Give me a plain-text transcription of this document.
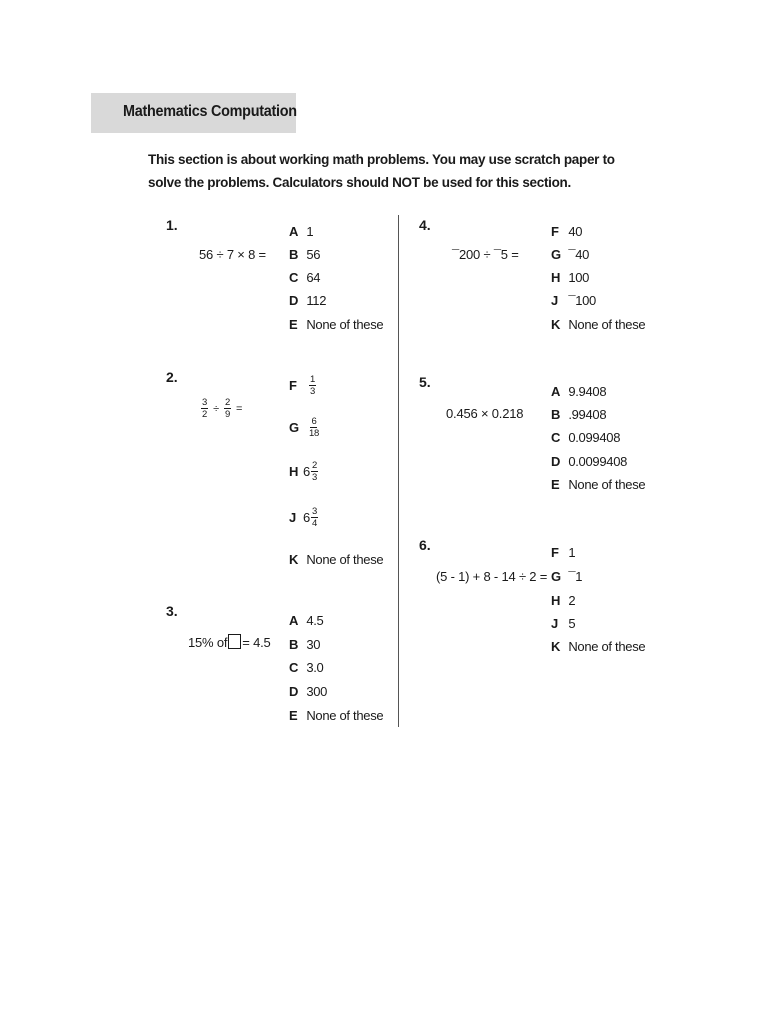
Mathematics Computation
This section is about working math problems. You may use scratch paper to solve the problems. Calculators should NOT be used for this section.
1.
56 ÷ 7 × 8 =
A 1
B 56
C 64
D 112
E None of these
2.
$\frac{3}{2} \div \frac{2}{9}$ =
F $\frac{1}{3}$
G $\frac{6}{18}$
H $6 \frac{2}{3}$
J $6 \frac{3}{4}$
K None of these
3.
15% of = 4.5
A 4.5
B 30
C 3.0
D 300
E None of these
4.
¯200 ÷ ¯5 =
F 40
G ¯40
H 100
J ¯100
K None of these
5.
0.456 × 0.218
A 9.9408
B .99408
C 0.099408
D 0.0099408
E None of these
6.
(5 - 1) + 8 - 14 ÷ 2 =
F 1
G ¯1
H 2
J 5
K None of these
